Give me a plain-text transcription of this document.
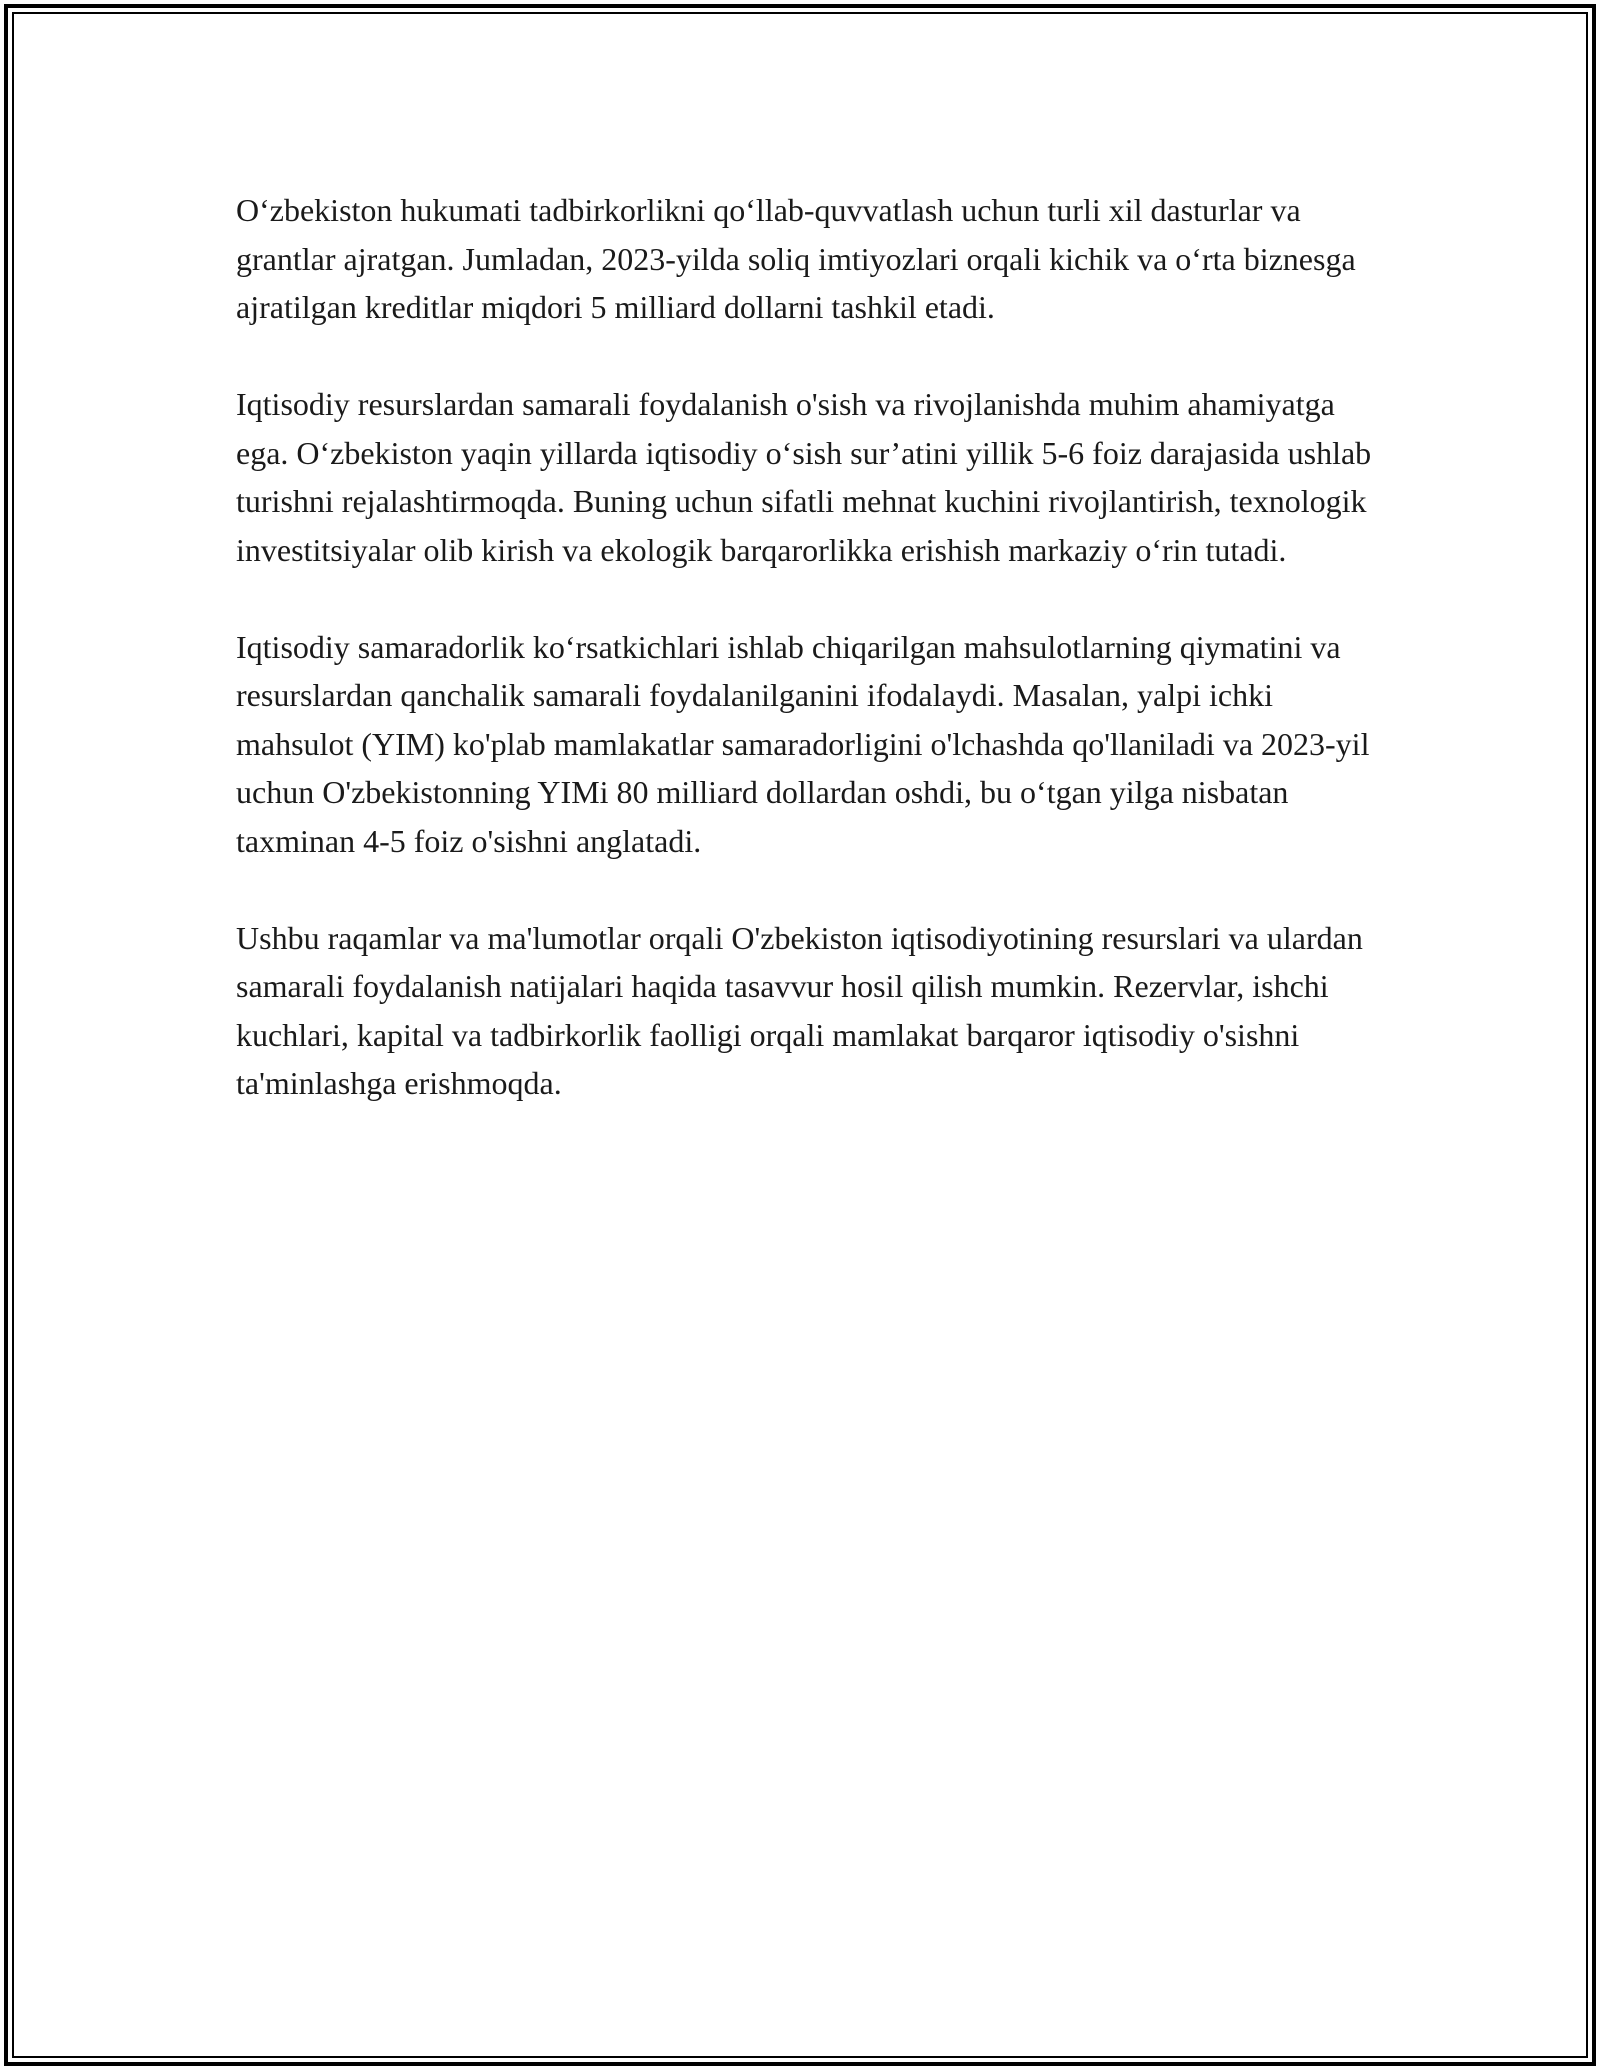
O‘zbekiston hukumati tadbirkorlikni qo‘llab-quvvatlash uchun turli xil dasturlar va grantlar ajratgan. Jumladan, 2023-yilda soliq imtiyozlari orqali kichik va o‘rta biznesga ajratilgan kreditlar miqdori 5 milliard dollarni tashkil etadi.

Iqtisodiy resurslardan samarali foydalanish o'sish va rivojlanishda muhim ahamiyatga ega. O‘zbekiston yaqin yillarda iqtisodiy o‘sish sur’atini yillik 5-6 foiz darajasida ushlab turishni rejalashtirmoqda. Buning uchun sifatli mehnat kuchini rivojlantirish, texnologik investitsiyalar olib kirish va ekologik barqarorlikka erishish markaziy o‘rin tutadi.

Iqtisodiy samaradorlik ko‘rsatkichlari ishlab chiqarilgan mahsulotlarning qiymatini va resurslardan qanchalik samarali foydalanilganini ifodalaydi. Masalan, yalpi ichki mahsulot (YIM) ko'plab mamlakatlar samaradorligini o'lchashda qo'llaniladi va 2023-yil uchun O'zbekistonning YIMi 80 milliard dollardan oshdi, bu o‘tgan yilga nisbatan taxminan 4-5 foiz o'sishni anglatadi.

Ushbu raqamlar va ma'lumotlar orqali O'zbekiston iqtisodiyotining resurslari va ulardan samarali foydalanish natijalari haqida tasavvur hosil qilish mumkin. Rezervlar, ishchi kuchlari, kapital va tadbirkorlik faolligi orqali mamlakat barqaror iqtisodiy o'sishni ta'minlashga erishmoqda.
